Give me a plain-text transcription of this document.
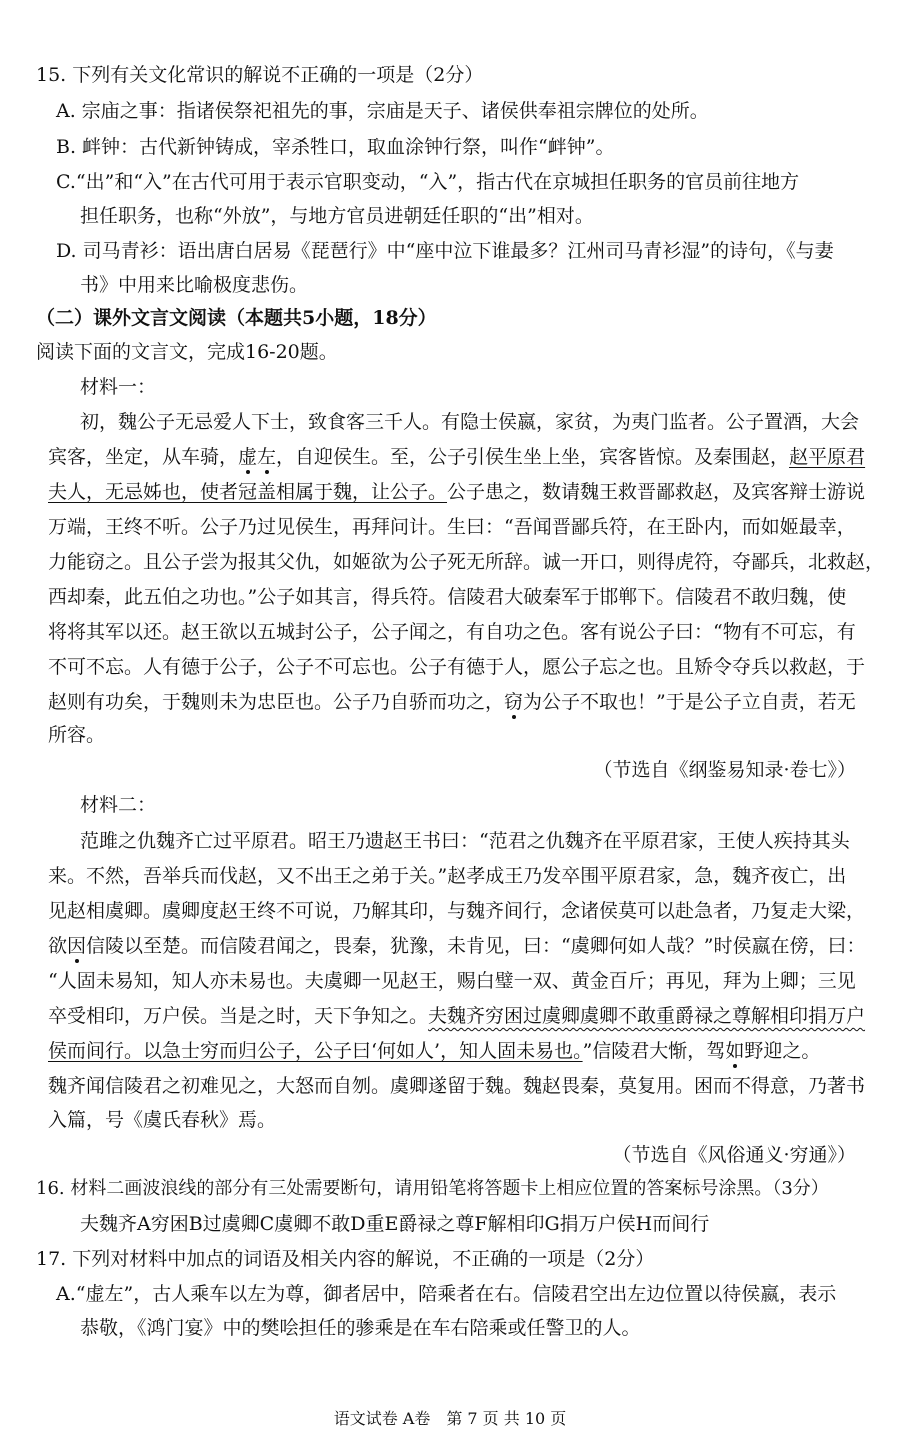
15. 下列有关文化常识的解说不正确的一项是（2分）
A. 宗庙之事：指诸侯祭祀祖先的事，宗庙是天子、诸侯供奉祖宗牌位的处所。
B. 衅钟：古代新钟铸成，宰杀牲口，取血涂钟行祭，叫作“衅钟”。
C.“出”和“入”在古代可用于表示官职变动，“入”，指古代在京城担任职务的官员前往地方
担任职务，也称“外放”，与地方官员进朝廷任职的“出”相对。
D. 司马青衫：语出唐白居易《琵琶行》中“座中泣下谁最多？江州司马青衫湿”的诗句，《与妻
书》中用来比喻极度悲伤。
（二）课外文言文阅读（本题共5小题，18分）
阅读下面的文言文，完成16-20题。
材料一：
初，魏公子无忌爱人下士，致食客三千人。有隐士侯嬴，家贫，为夷门监者。公子置酒，大会
宾客，坐定，从车骑，虚左，自迎侯生。至，公子引侯生坐上坐，宾客皆惊。及秦围赵，赵平原君
夫人，无忌姊也，使者冠盖相属于魏，让公子。公子患之，数请魏王救晋鄙救赵，及宾客辩士游说
万端，王终不听。公子乃过见侯生，再拜问计。生曰：“吾闻晋鄙兵符，在王卧内，而如姬最幸，
力能窃之。且公子尝为报其父仇，如姬欲为公子死无所辞。诚一开口，则得虎符，夺鄙兵，北救赵，
西却秦，此五伯之功也。”公子如其言，得兵符。信陵君大破秦军于邯郸下。信陵君不敢归魏，使
将将其军以还。赵王欲以五城封公子，公子闻之，有自功之色。客有说公子曰：“物有不可忘，有
不可不忘。人有德于公子，公子不可忘也。公子有德于人，愿公子忘之也。且矫令夺兵以救赵，于
赵则有功矣，于魏则未为忠臣也。公子乃自骄而功之，窃为公子不取也！”于是公子立自责，若无
所容。
（节选自《纲鉴易知录·卷七》）
材料二：
范雎之仇魏齐亡过平原君。昭王乃遗赵王书曰：“范君之仇魏齐在平原君家，王使人疾持其头
来。不然，吾举兵而伐赵，又不出王之弟于关。”赵孝成王乃发卒围平原君家，急，魏齐夜亡，出
见赵相虞卿。虞卿度赵王终不可说，乃解其印，与魏齐间行，念诸侯莫可以赴急者，乃复走大梁，
欲因信陵以至楚。而信陵君闻之，畏秦，犹豫，未肯见，曰：“虞卿何如人哉？”时侯嬴在傍，曰：
“人固未易知，知人亦未易也。夫虞卿一见赵王，赐白璧一双、黄金百斤；再见，拜为上卿；三见
卒受相印，万户侯。当是之时，天下争知之。夫魏齐穷困过虞卿虞卿不敢重爵禄之尊解相印捐万户
侯而间行。以急士穷而归公子，公子曰‘何如人’，知人固未易也。”信陵君大惭，驾如野迎之。
魏齐闻信陵君之初难见之，大怒而自刎。虞卿遂留于魏。魏赵畏秦，莫复用。困而不得意，乃著书
入篇，号《虞氏春秋》焉。
（节选自《风俗通义·穷通》）
16. 材料二画波浪线的部分有三处需要断句，请用铅笔将答题卡上相应位置的答案标号涂黑。（3分）
夫魏齐A穷困B过虞卿C虞卿不敢D重E爵禄之尊F解相印G捐万户侯H而间行
17. 下列对材料中加点的词语及相关内容的解说，不正确的一项是（2分）
A.“虚左”，古人乘车以左为尊，御者居中，陪乘者在右。信陵君空出左边位置以待侯嬴，表示
恭敬，《鸿门宴》中的樊哙担任的骖乘是在车右陪乘或任警卫的人。
语文试卷 A卷　第 7 页 共 10 页
